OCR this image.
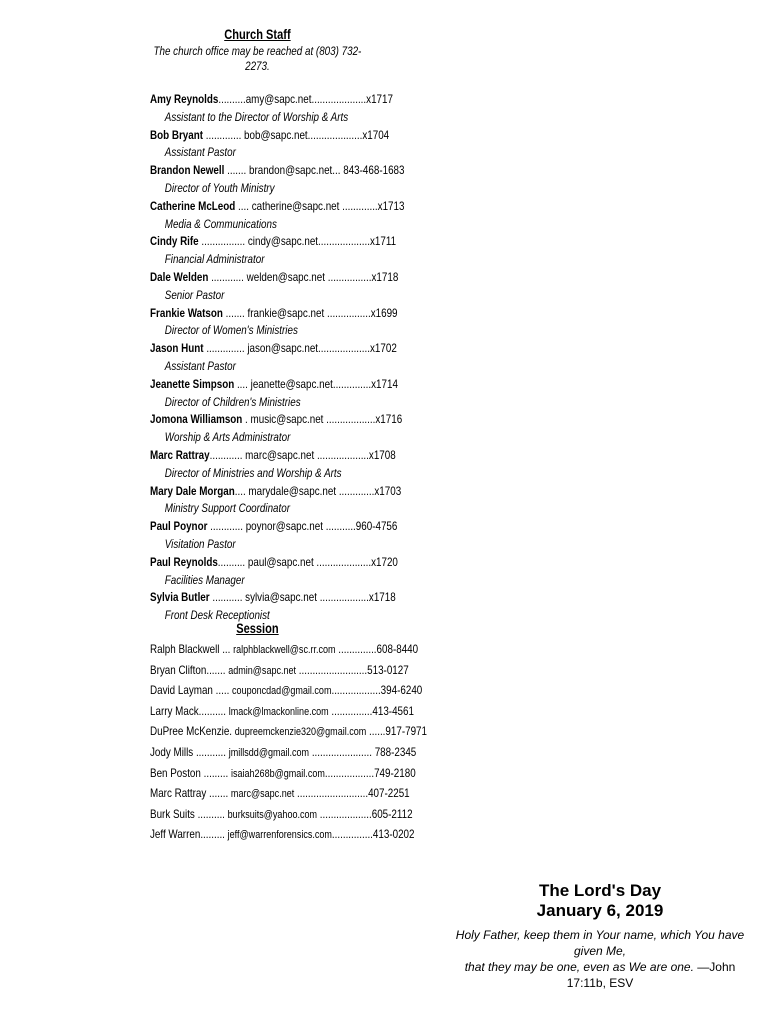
Church Staff
The church office may be reached at (803) 732-2273.
Amy Reynolds..........amy@sapc.net....................x1717
Assistant to the Director of Worship & Arts
Bob Bryant ............. bob@sapc.net....................x1704
Assistant Pastor
Brandon Newell ....... brandon@sapc.net... 843-468-1683
Director of Youth Ministry
Catherine McLeod .... catherine@sapc.net .............x1713
Media & Communications
Cindy Rife ................ cindy@sapc.net...................x1711
Financial Administrator
Dale Welden ............ welden@sapc.net ................x1718
Senior Pastor
Frankie Watson ....... frankie@sapc.net ................x1699
Director of Women's Ministries
Jason Hunt .............. jason@sapc.net...................x1702
Assistant Pastor
Jeanette Simpson .... jeanette@sapc.net..............x1714
Director of Children's Ministries
Jomona Williamson . music@sapc.net ..................x1716
Worship & Arts Administrator
Marc Rattray............ marc@sapc.net ...................x1708
Director of Ministries and Worship & Arts
Mary Dale Morgan.... marydale@sapc.net .............x1703
Ministry Support Coordinator
Paul Poynor ............ poynor@sapc.net ...........960-4756
Visitation Pastor
Paul Reynolds.......... paul@sapc.net ....................x1720
Facilities Manager
Sylvia Butler ........... sylvia@sapc.net ..................x1718
Front Desk Receptionist
Session
Ralph Blackwell ... ralphblackwell@sc.rr.com ..............608-8440
Bryan Clifton....... admin@sapc.net .........................513-0127
David Layman ..... couponcdad@gmail.com..................394-6240
Larry Mack.......... lmack@lmackonline.com ...............413-4561
DuPree McKenzie. dupreemckenzie320@gmail.com ......917-7971
Jody Mills ........... jmillsdd@gmail.com ...................... 788-2345
Ben Poston ......... isaiah268b@gmail.com..................749-2180
Marc Rattray ....... marc@sapc.net ..........................407-2251
Burk Suits .......... burksuits@yahoo.com ...................605-2112
Jeff Warren......... jeff@warrenforensics.com...............413-0202
The Lord's Day
January 6, 2019
Holy Father, keep them in Your name, which You have given Me,
that they may be one, even as We are one. —John 17:11b, ESV
